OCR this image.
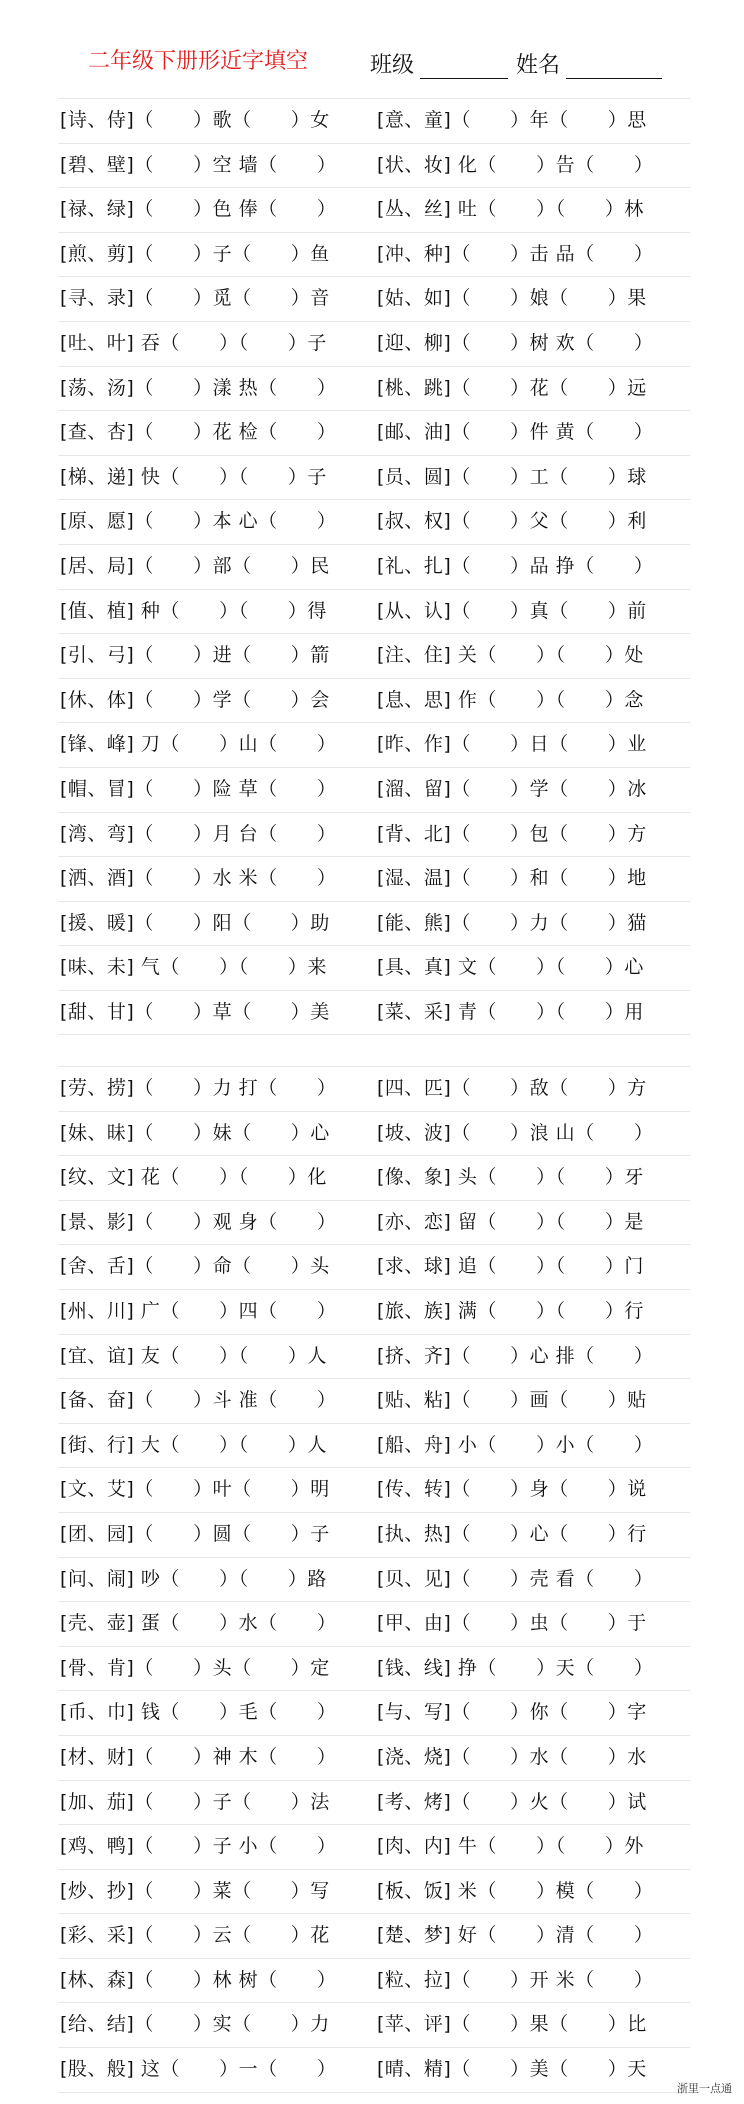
二年级下册形近字填空	班级	姓名
[诗、侍]（      ）歌（      ）女 [意、童]（      ）年（      ）思
[碧、壁]（      ）空 墙（      ） [状、妆] 化（      ）告（      ）
[禄、绿]（      ）色 俸（      ） [丛、丝] 吐（      ）（      ）林
[煎、剪]（      ）子（      ）鱼 [冲、种]（      ）击 品（      ）
[寻、录]（      ）觅（      ）音 [姑、如]（      ）娘（      ）果
[吐、叶] 吞（      ）（      ）子	[迎、柳]（      ）树 欢（      ）
[荡、汤]（      ）漾 热（      ） [桃、跳]（      ）花（      ）远
[查、杏]（      ）花 检（      ） [邮、油]（      ）件 黄（      ）
[梯、递] 快（      ）（      ）子	[员、圆]（      ）工（      ）球
[原、愿]（      ）本 心（      ） [叔、权]（      ）父（      ）利
[居、局]（      ）部（      ）民 [礼、扎]（      ）品 挣（      ）
[值、植] 种（      ）（      ）得	[从、认]（      ）真（      ）前
[引、弓]（      ）进（      ）箭 [注、住] 关（      ）（      ）处
[休、体]（      ）学（      ）会 [息、思] 作（      ）（      ）念
[锋、峰] 刀（      ）山（      ） [昨、作]（      ）日（      ）业
[帽、冒]（      ）险 草（      ） [溜、留]（      ）学（      ）冰
[湾、弯]（      ）月 台（      ） [背、北]（      ）包（      ）方
[洒、酒]（      ）水 米（      ） [湿、温]（      ）和（      ）地
[援、暖]（      ）阳（      ）助 [能、熊]（      ）力（      ）猫
[味、未] 气（      ）（      ）来	[具、真] 文（      ）（      ）心
[甜、甘]（      ）草（      ）美 [菜、采] 青（      ）（      ）用
[劳、捞]（      ）力 打（      ） [四、匹]（      ）敌（      ）方
[妹、昧]（      ）妹（      ）心 [坡、波]（      ）浪 山（      ）
[纹、文] 花（      ）（      ）化	[像、象] 头（      ）（      ）牙
[景、影]（      ）观 身（      ） [亦、恋] 留（      ）（      ）是
[舍、舌]（      ）命（      ）头 [求、球] 追（      ）（      ）门
[州、川] 广（      ）四（      ） [旅、族] 满（      ）（      ）行
[宜、谊] 友（      ）（      ）人	[挤、齐]（      ）心 排（      ）
[备、奋]（      ）斗 准（      ） [贴、粘]（      ）画（      ）贴
[街、行] 大（      ）（      ）人	[船、舟] 小（      ）小（      ）
[文、艾]（      ）叶（      ）明 [传、转]（      ）身（      ）说
[团、园]（      ）圆（      ）子 [执、热]（      ）心（      ）行
[问、闹] 吵（      ）（      ）路	[贝、见]（      ）壳 看（      ）
[壳、壶] 蛋（      ）水（      ） [甲、由]（      ）虫（      ）于
[骨、肯]（      ）头（      ）定 [钱、线] 挣（      ）天（      ）
[币、巾] 钱（      ）毛（      ） [与、写]（      ）你（      ）字
[材、财]（      ）神 木（      ） [浇、烧]（      ）水（      ）水
[加、茄]（      ）子（      ）法 [考、烤]（      ）火（      ）试
[鸡、鸭]（      ）子 小（      ） [肉、内] 牛（      ）（      ）外
[炒、抄]（      ）菜（      ）写 [板、饭] 米（      ）模（      ）
[彩、采]（      ）云（      ）花 [楚、梦] 好（      ）清（      ）
[林、森]（      ）林 树（      ） [粒、拉]（      ）开 米（      ）
[给、结]（      ）实（      ）力 [苹、评]（      ）果（      ）比
[股、般] 这（      ）一（      ） [晴、精]（      ）美（      ）天
浙里一点通
